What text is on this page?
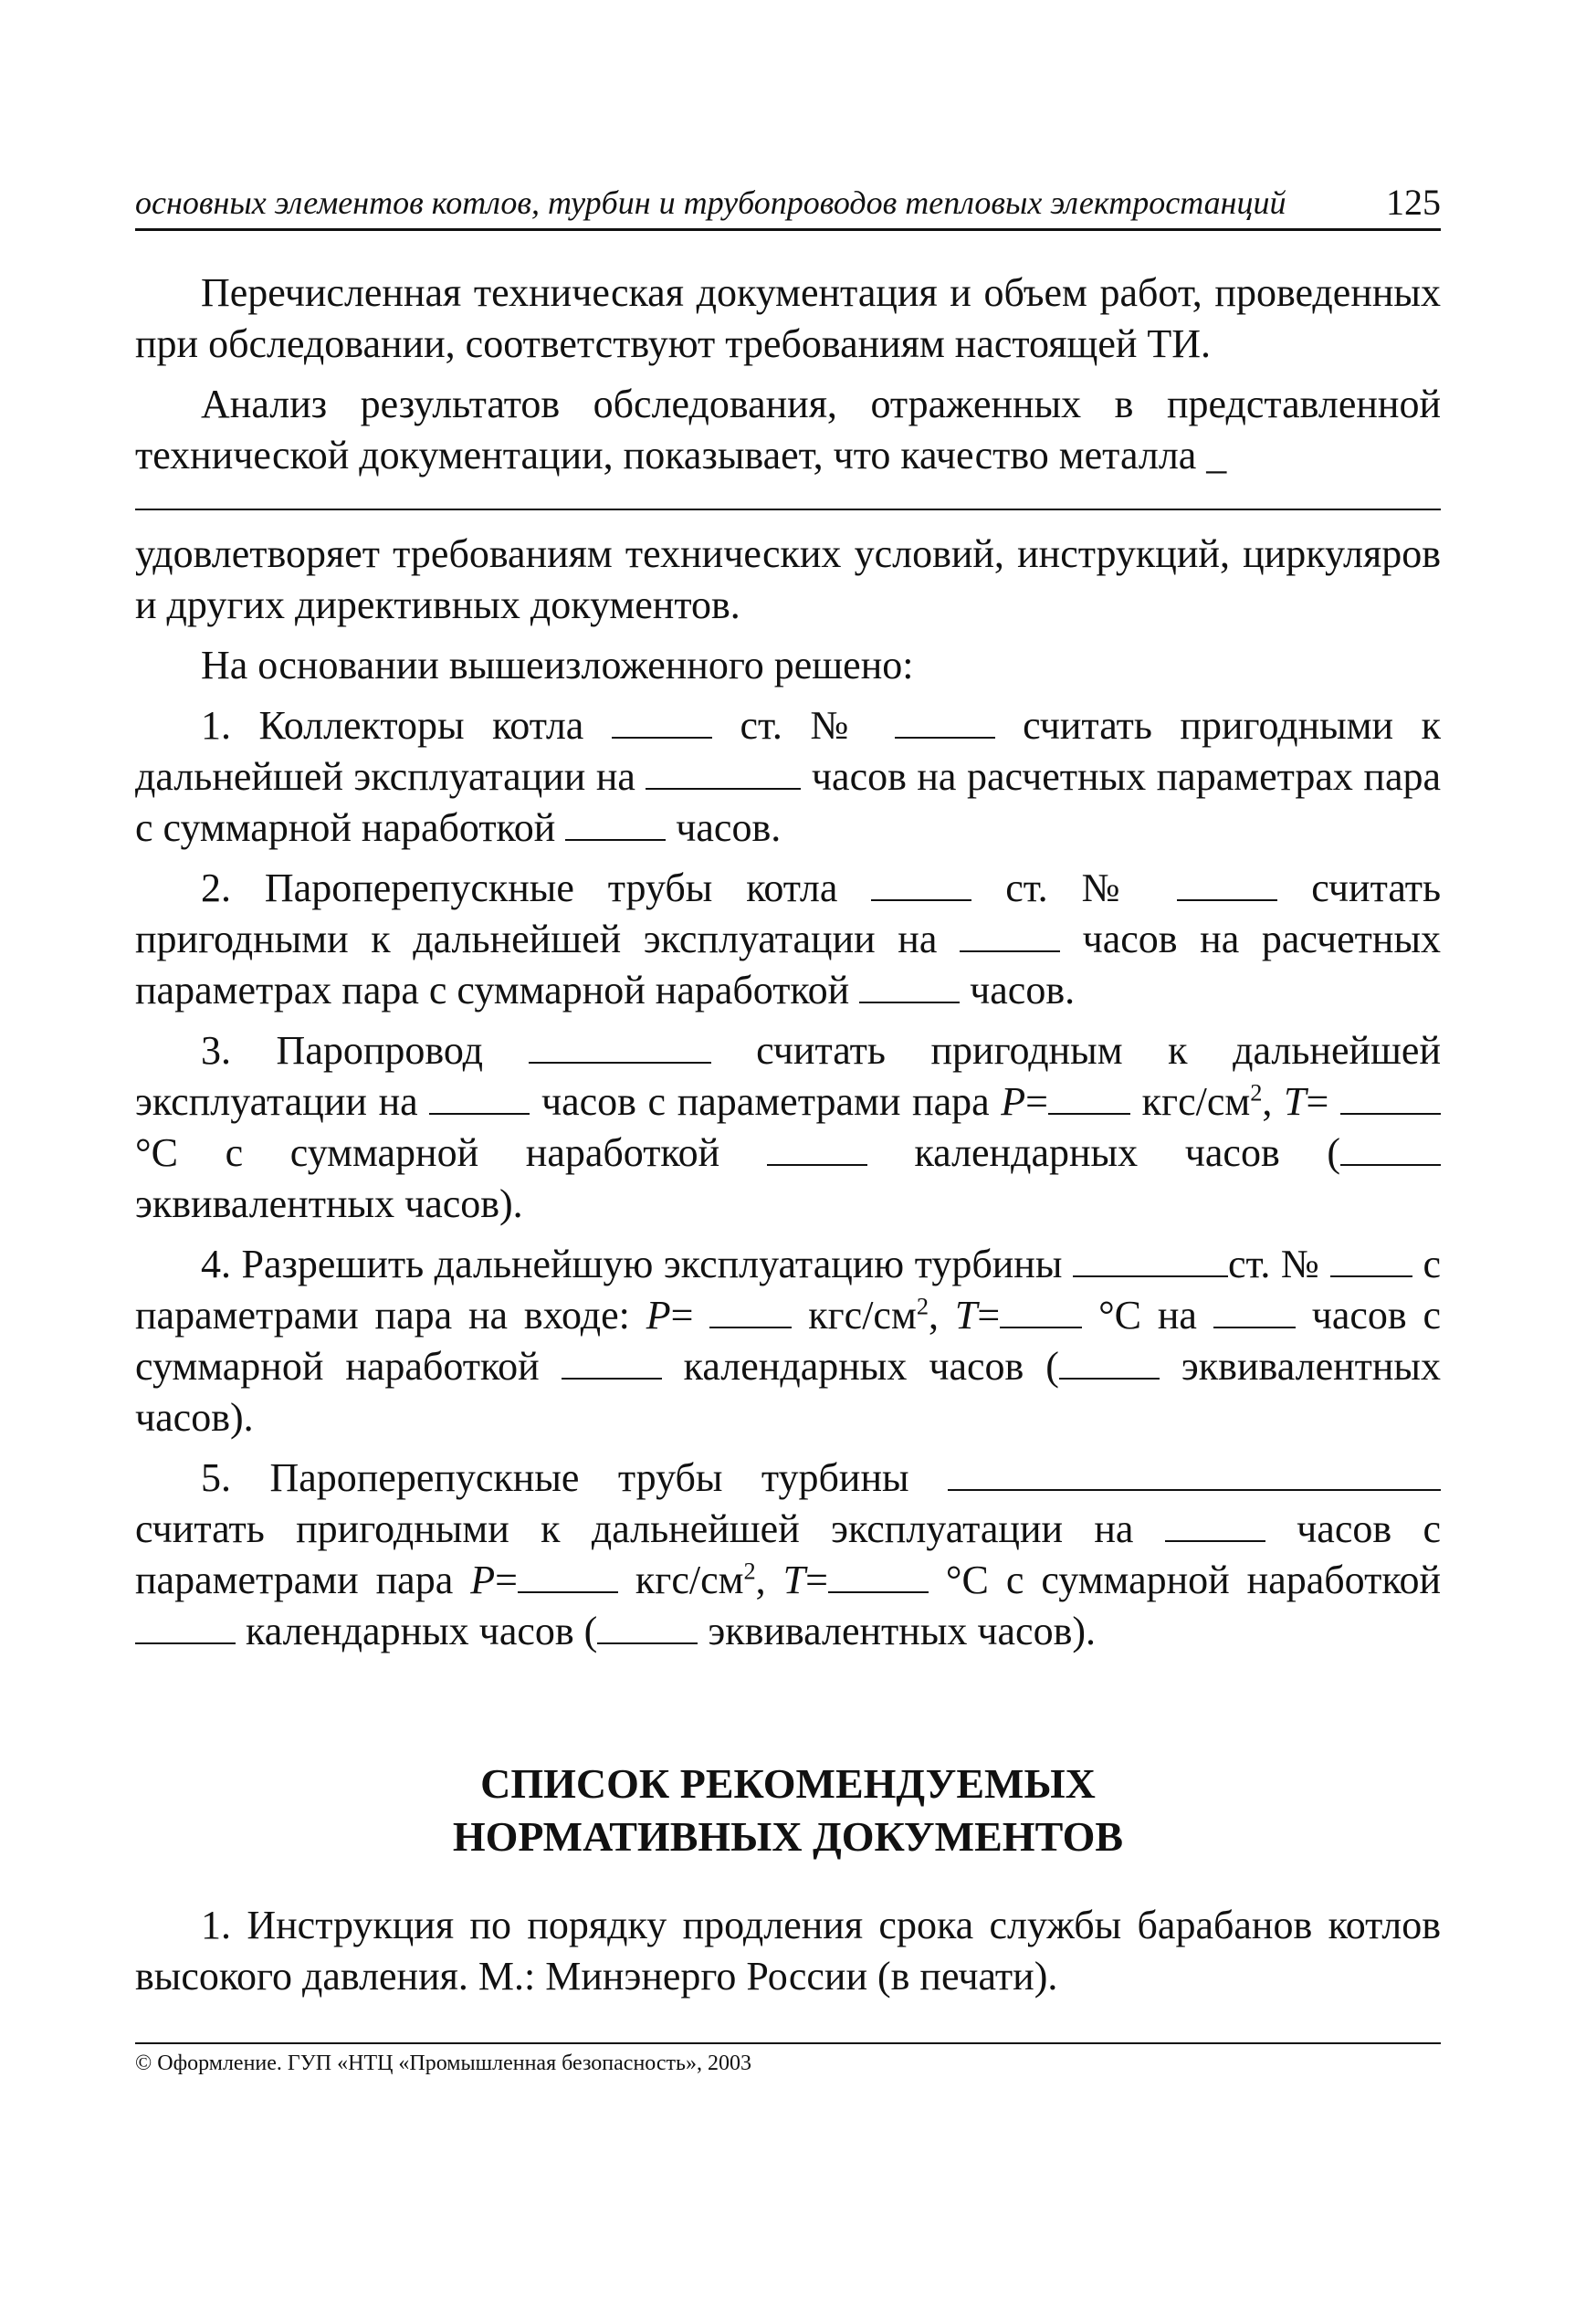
основных элементов котлов, турбин и трубопроводов тепловых электростанций	125

Перечисленная техническая документация и объем работ, проведенных при обследовании, соответствуют требованиям настоящей ТИ.

Анализ результатов обследования, отраженных в представленной технической документации, показывает, что качество металла _

удовлетворяет требованиям технических условий, инструкций, циркуляров и других директивных документов.

На основании вышеизложенного решено:

1. Коллекторы котла	ст. №	считать пригодными к дальнейшей эксплуатации на	часов на расчетных параметрах пара с суммарной наработкой	часов.

2. Пароперепускные трубы котла	ст. №	считать пригодными к дальнейшей эксплуатации на	часов на расчетных параметрах пара с суммарной наработкой	часов.

3. Паропровод	считать пригодным к дальнейшей эксплуатации на	часов с параметрами пара P= кгс/$см^2$, T=  °С с суммарной наработкой	календарных часов ( эквивалентных часов).

4. Разрешить дальнейшую эксплуатацию турбины	ст. №	с параметрами пара на входе: P=	кгс/$см^2$, T= °С на	часов с суммарной наработкой	календарных часов (	эквивалентных часов).

5. Пароперепускные трубы турбины  считать пригодными к дальнейшей эксплуатации на	часов с параметрами пара P=	кгс/$см^2$, T=	°С с суммарной наработкой  календарных часов (	эквивалентных часов).

СПИСОК РЕКОМЕНДУЕМЫХ
НОРМАТИВНЫХ ДОКУМЕНТОВ

1. Инструкция по порядку продления срока службы барабанов котлов высокого давления. М.: Минэнерго России (в печати).

© Оформление. ГУП «НТЦ «Промышленная безопасность», 2003
